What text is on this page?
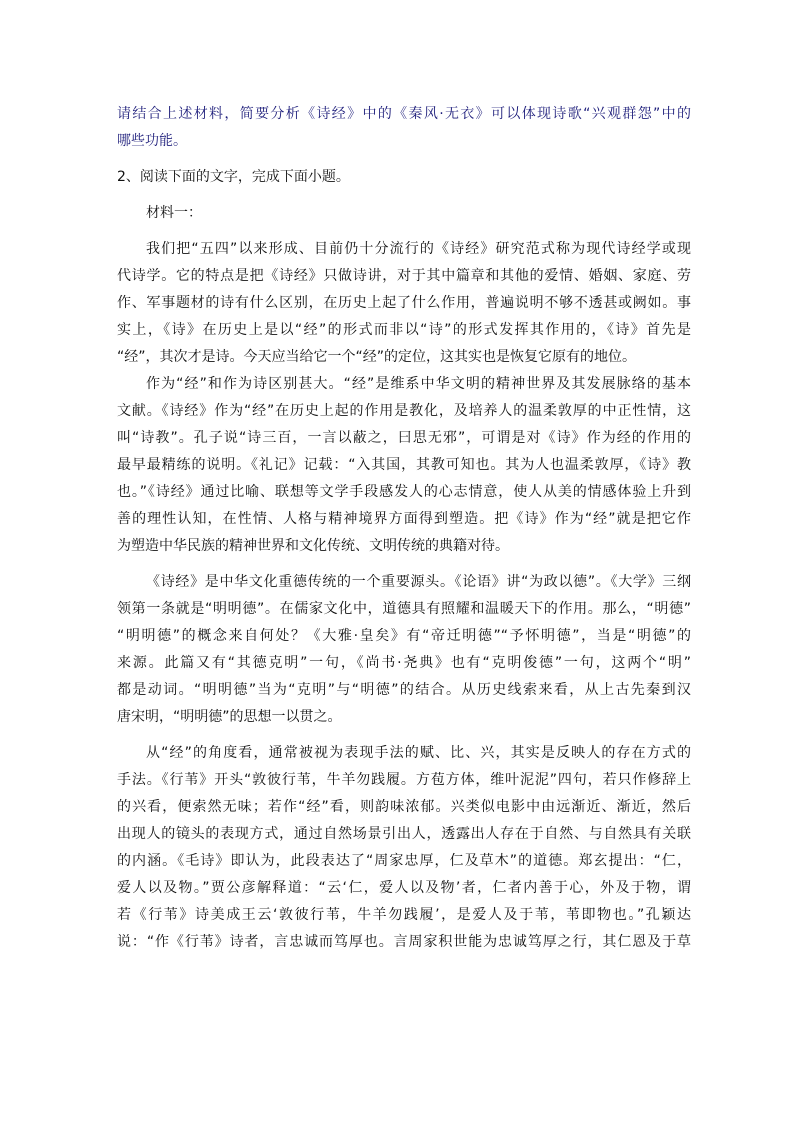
请结合上述材料，简要分析《诗经》中的《秦风·无衣》可以体现诗歌“兴观群怨”中的
哪些功能。
2、阅读下面的文字，完成下面小题。
材料一：
我们把“五四”以来形成、目前仍十分流行的《诗经》研究范式称为现代诗经学或现
代诗学。它的特点是把《诗经》只做诗讲，对于其中篇章和其他的爱情、婚姻、家庭、劳
作、军事题材的诗有什么区别，在历史上起了什么作用，普遍说明不够不透甚或阙如。事
实上，《诗》在历史上是以“经”的形式而非以“诗”的形式发挥其作用的，《诗》首先是
“经”，其次才是诗。今天应当给它一个“经”的定位，这其实也是恢复它原有的地位。
作为“经”和作为诗区别甚大。“经”是维系中华文明的精神世界及其发展脉络的基本
文献。《诗经》作为“经”在历史上起的作用是教化，及培养人的温柔敦厚的中正性情，这
叫“诗教”。孔子说“诗三百，一言以蔽之，曰思无邪”，可谓是对《诗》作为经的作用的
最早最精练的说明。《礼记》记载：“入其国，其教可知也。其为人也温柔敦厚，《诗》教
也。”《诗经》通过比喻、联想等文学手段感发人的心志情意，使人从美的情感体验上升到
善的理性认知，在性情、人格与精神境界方面得到塑造。把《诗》作为“经”就是把它作
为塑造中华民族的精神世界和文化传统、文明传统的典籍对待。
《诗经》是中华文化重德传统的一个重要源头。《论语》讲“为政以德”。《大学》三纲
领第一条就是“明明德”。在儒家文化中，道德具有照耀和温暖天下的作用。那么，“明德”
“明明德”的概念来自何处？《大雅·皇矣》有“帝迁明德”“予怀明德”，当是“明德”的
来源。此篇又有“其德克明”一句，《尚书·尧典》也有“克明俊德”一句，这两个“明”
都是动词。“明明德”当为“克明”与“明德”的结合。从历史线索来看，从上古先秦到汉
唐宋明，“明明德”的思想一以贯之。
从“经”的角度看，通常被视为表现手法的赋、比、兴，其实是反映人的存在方式的
手法。《行苇》开头“敦彼行苇，牛羊勿践履。方苞方体，维叶泥泥”四句，若只作修辞上
的兴看，便索然无味；若作“经”看，则韵味浓郁。兴类似电影中由远渐近、渐近，然后
出现人的镜头的表现方式，通过自然场景引出人，透露出人存在于自然、与自然具有关联
的内涵。《毛诗》即认为，此段表达了“周家忠厚，仁及草木”的道德。郑玄提出：“仁，
爱人以及物。”贾公彦解释道：“云‘仁，爱人以及物’者，仁者内善于心，外及于物，谓
若《行苇》诗美成王云‘敦彼行苇，牛羊勿践履’，是爱人及于苇，苇即物也。”孔颖达
说：“作《行苇》诗者，言忠诚而笃厚也。言周家积世能为忠诚笃厚之行，其仁恩及于草
